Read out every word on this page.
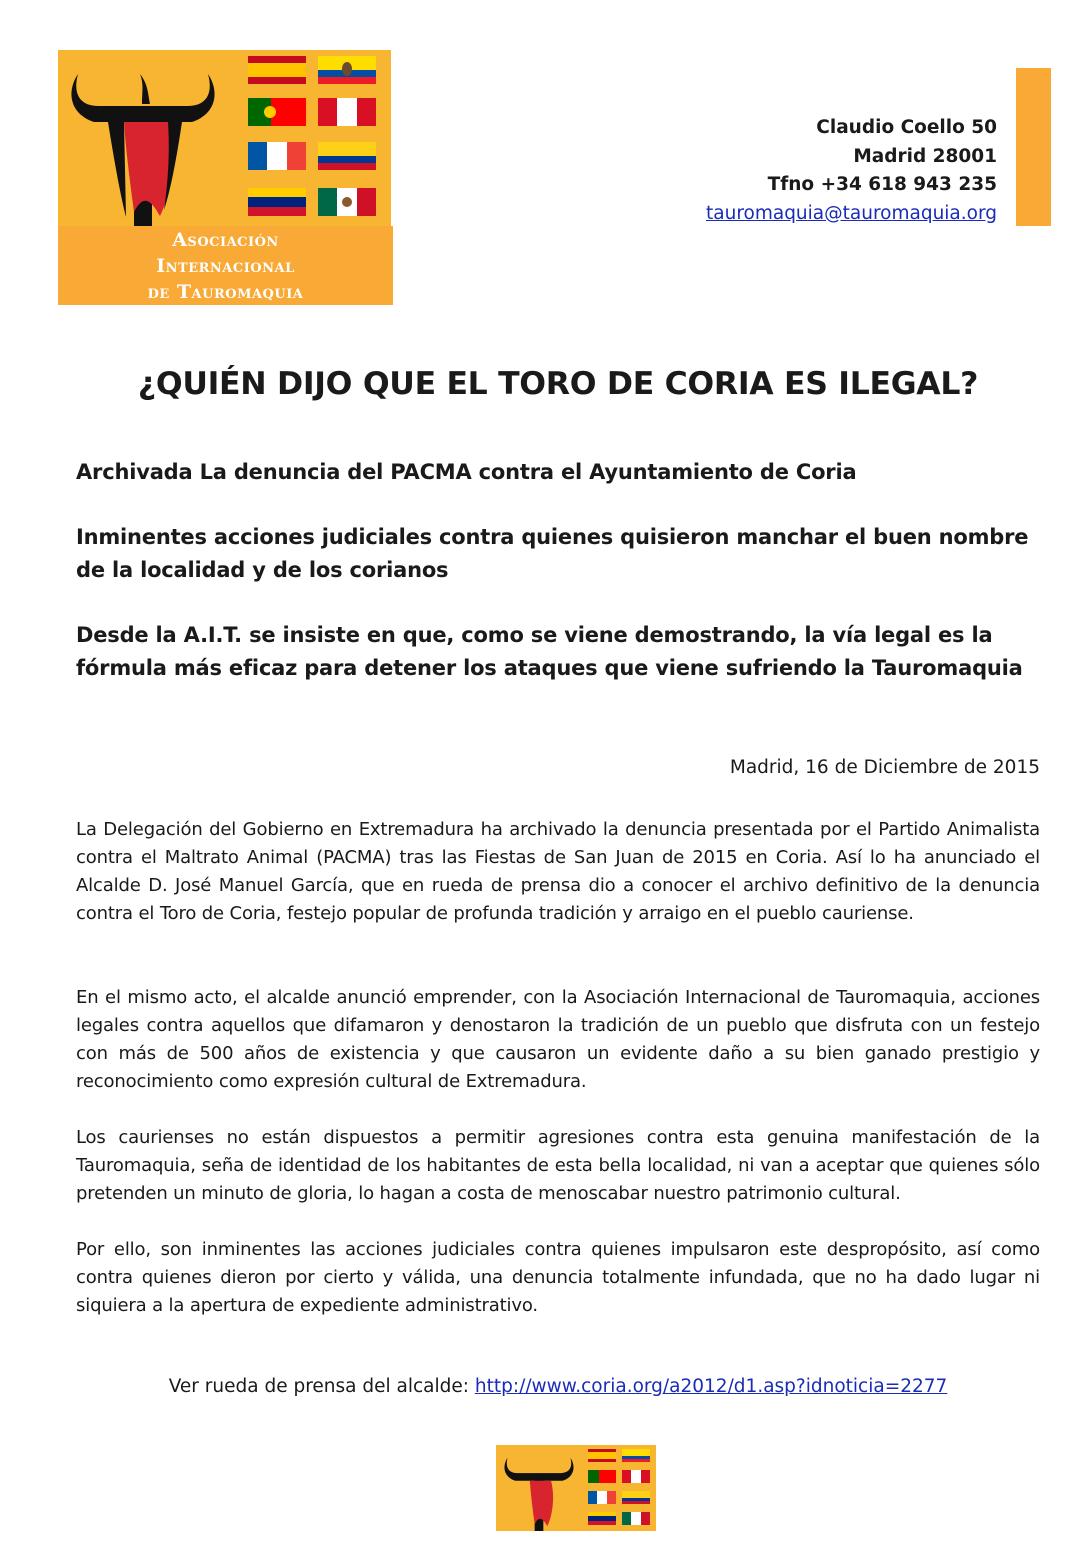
Asociación
Internacional
de Tauromaquia
Claudio Coello 50
Madrid 28001
Tfno +34 618 943 235
tauromaquia@tauromaquia.org
¿QUIÉN DIJO QUE EL TORO DE CORIA ES ILEGAL?
Archivada La denuncia del PACMA contra el Ayuntamiento de Coria
Inminentes acciones judiciales contra quienes quisieron manchar el buen nombre de la localidad y de los corianos
Desde la A.I.T. se insiste en que, como se viene demostrando, la vía legal es la fórmula más eficaz para detener los ataques que viene sufriendo la Tauromaquia
Madrid, 16 de Diciembre de 2015
La Delegación del Gobierno en Extremadura ha archivado la denuncia presentada por el Partido Animalista contra el Maltrato Animal (PACMA) tras las Fiestas de San Juan de 2015 en Coria. Así lo ha anunciado el Alcalde D. José Manuel García, que en rueda de prensa dio a conocer el archivo definitivo de la denuncia contra el Toro de Coria, festejo popular de profunda tradición y arraigo en el pueblo cauriense.
En el mismo acto, el alcalde anunció emprender, con la Asociación Internacional de Tauromaquia, acciones legales contra aquellos que difamaron y denostaron la tradición de un pueblo que disfruta con un festejo con más de 500 años de existencia y que causaron un evidente daño a su bien ganado prestigio y reconocimiento como expresión cultural de Extremadura.
Los caurienses no están dispuestos a permitir agresiones contra esta genuina manifestación de la Tauromaquia, seña de identidad de los habitantes de esta bella localidad, ni van a aceptar que quienes sólo pretenden un minuto de gloria, lo hagan a costa de menoscabar nuestro patrimonio cultural.
Por ello, son inminentes las acciones judiciales contra quienes impulsaron este despropósito, así como contra quienes dieron por cierto y válida, una denuncia totalmente infundada, que no ha dado lugar ni siquiera a la apertura de expediente administrativo.
Ver rueda de prensa del alcalde: http://www.coria.org/a2012/d1.asp?idnoticia=2277
